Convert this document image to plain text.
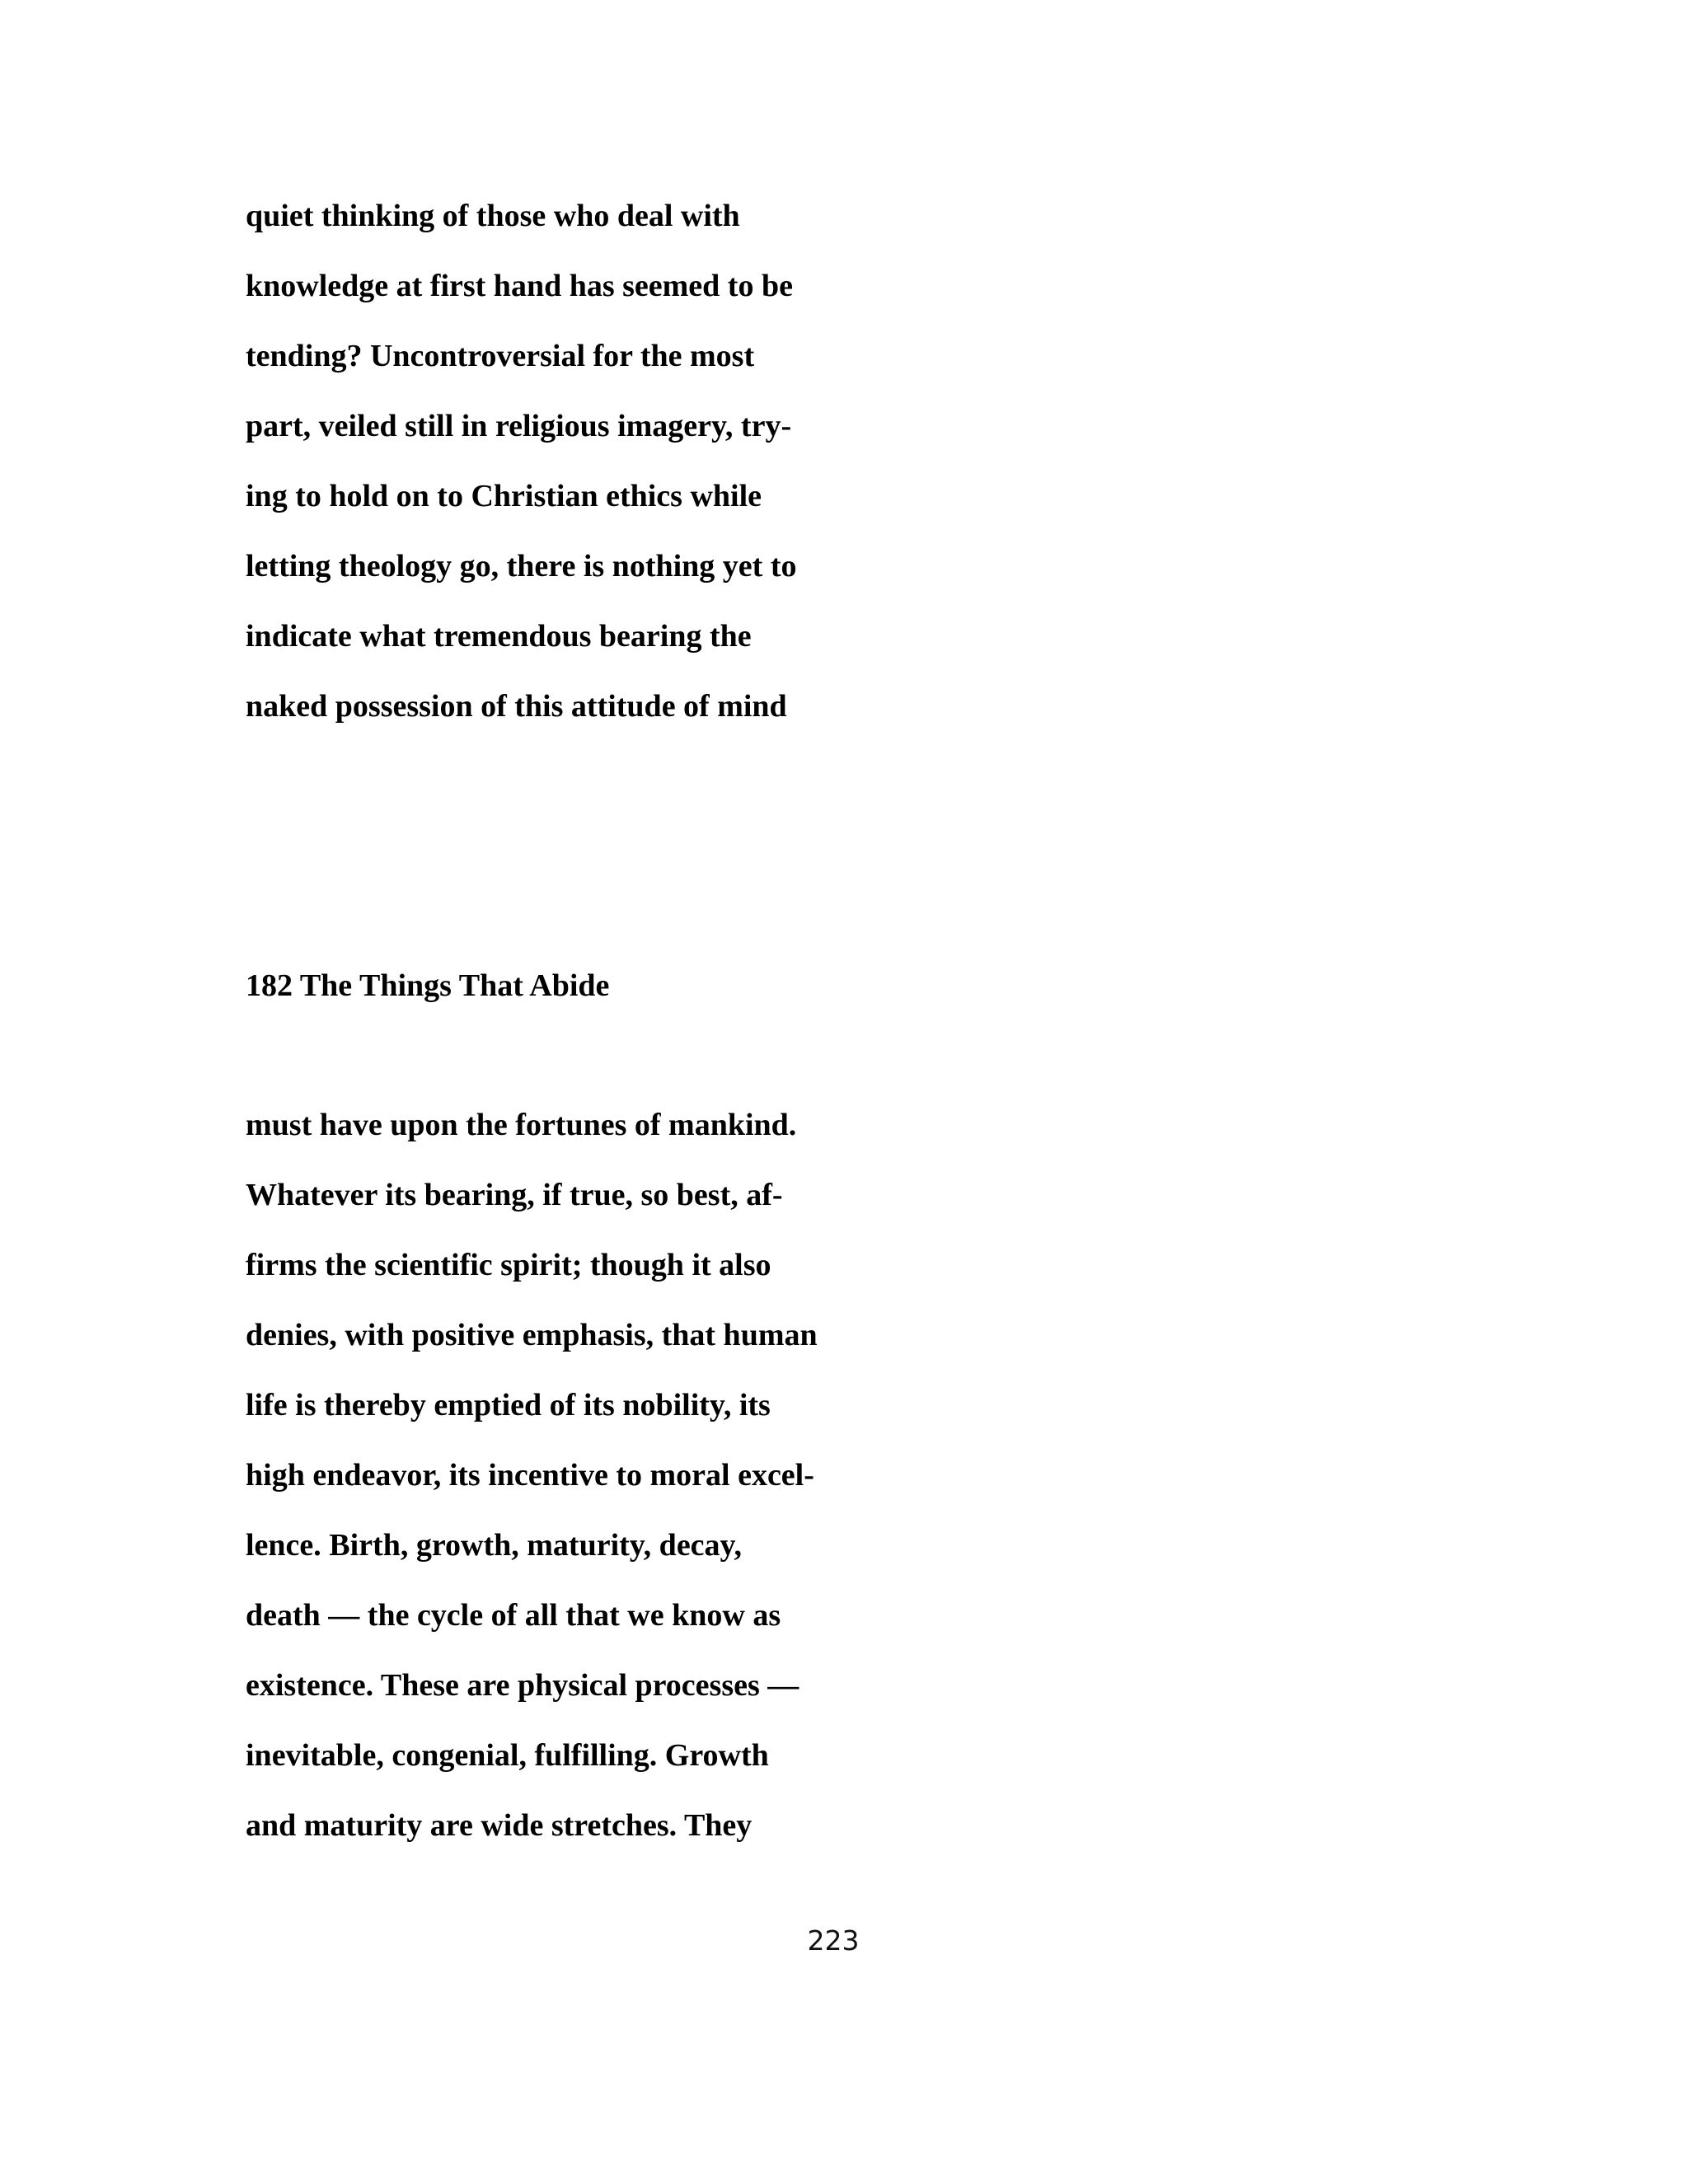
quiet thinking of those who deal with
knowledge at first hand has seemed to be
tending? Uncontroversial for the most
part, veiled still in religious imagery, try-
ing to hold on to Christian ethics while
letting theology go, there is nothing yet to
indicate what tremendous bearing the
naked possession of this attitude of mind
182 The Things That Abide
must have upon the fortunes of mankind.
Whatever its bearing, if true, so best, af-
firms the scientific spirit; though it also
denies, with positive emphasis, that human
life is thereby emptied of its nobility, its
high endeavor, its incentive to moral excel-
lence. Birth, growth, maturity, decay,
death — the cycle of all that we know as
existence. These are physical processes —
inevitable, congenial, fulfilling. Growth
and maturity are wide stretches. They
223
